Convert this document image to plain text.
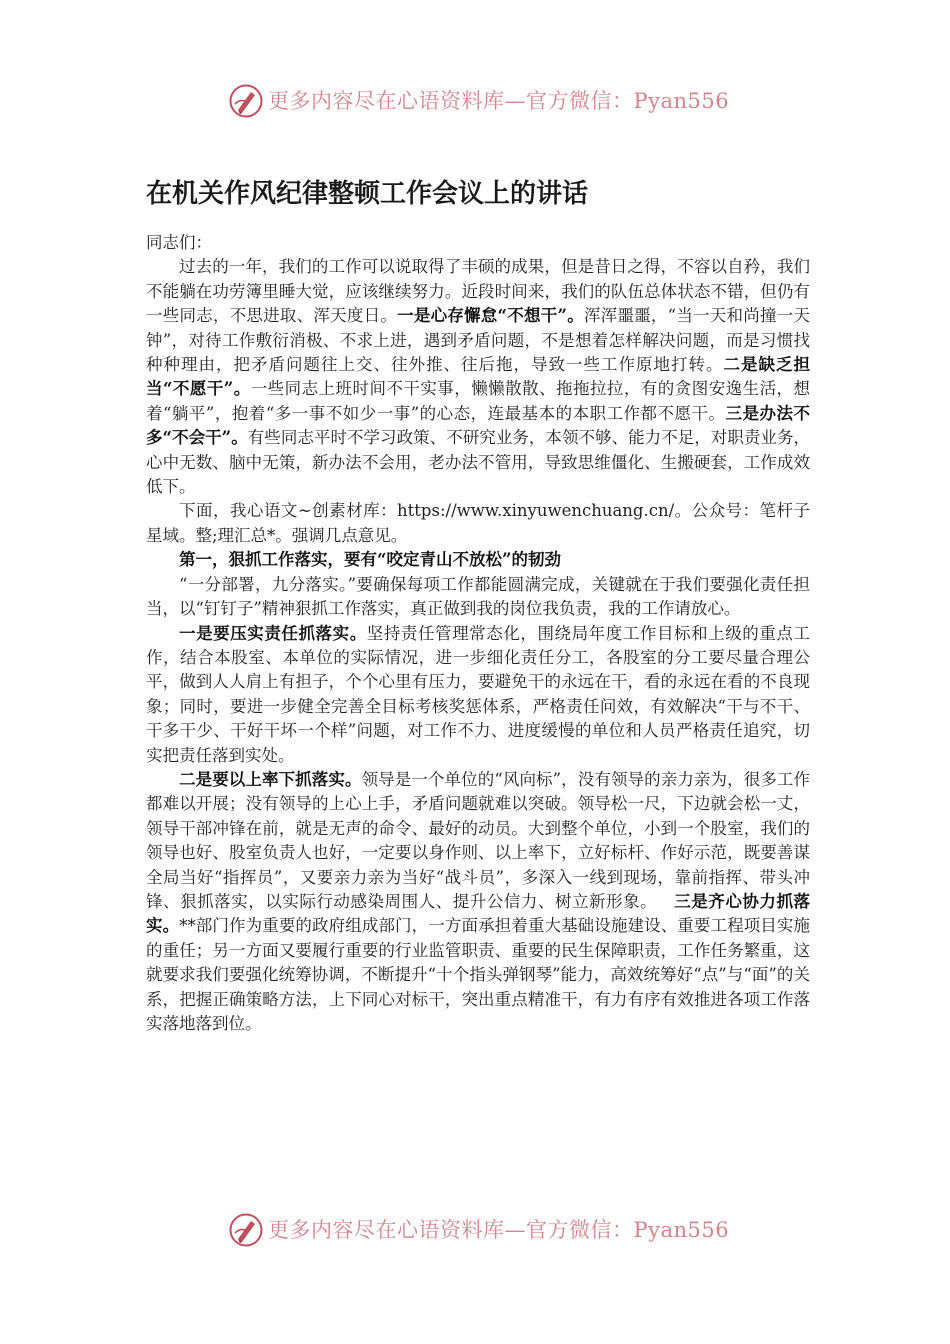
更多内容尽在心语资料库—官方微信：Pyan556
在机关作风纪律整顿工作会议上的讲话

同志们：

过去的一年，我们的工作可以说取得了丰硕的成果，但是昔日之得，不容以自矜，我们不能躺在功劳簿里睡大觉，应该继续努力。近段时间来，我们的队伍总体状态不错，但仍有一些同志，不思进取、浑天度日。一是心存懈怠“不想干”。浑浑噩噩，“当一天和尚撞一天钟”，对待工作敷衍消极、不求上进，遇到矛盾问题，不是想着怎样解决问题，而是习惯找种种理由，把矛盾问题往上交、往外推、往后拖，导致一些工作原地打转。二是缺乏担当“不愿干”。一些同志上班时间不干实事，懒懒散散、拖拖拉拉，有的贪图安逸生活，想着“躺平”，抱着“多一事不如少一事”的心态，连最基本的本职工作都不愿干。三是办法不多“不会干”。有些同志平时不学习政策、不研究业务，本领不够、能力不足，对职责业务，心中无数、脑中无策，新办法不会用，老办法不管用，导致思维僵化、生搬硬套，工作成效低下。

下面，我心语文~创素材库：https://www.xinyuwenchuang.cn/。公众号：笔杆子星域。整;理汇总*。强调几点意见。

第一，狠抓工作落实，要有“咬定青山不放松”的韧劲

“一分部署，九分落实。”要确保每项工作都能圆满完成，关键就在于我们要强化责任担当，以“钉钉子”精神狠抓工作落实，真正做到我的岗位我负责，我的工作请放心。

一是要压实责任抓落实。坚持责任管理常态化，围绕局年度工作目标和上级的重点工作，结合本股室、本单位的实际情况，进一步细化责任分工，各股室的分工要尽量合理公平，做到人人肩上有担子，个个心里有压力，要避免干的永远在干，看的永远在看的不良现象；同时，要进一步健全完善全目标考核奖惩体系，严格责任问效，有效解决“干与不干、干多干少、干好干坏一个样”问题，对工作不力、进度缓慢的单位和人员严格责任追究，切实把责任落到实处。

二是要以上率下抓落实。领导是一个单位的“风向标”，没有领导的亲力亲为，很多工作都难以开展；没有领导的上心上手，矛盾问题就难以突破。领导松一尺，下边就会松一丈，领导干部冲锋在前，就是无声的命令、最好的动员。大到整个单位，小到一个股室，我们的领导也好、股室负责人也好，一定要以身作则、以上率下，立好标杆、作好示范，既要善谋全局当好“指挥员”，又要亲力亲为当好“战斗员”，多深入一线到现场，靠前指挥、带头冲锋、狠抓落实，以实际行动感染周围人、提升公信力、树立新形象。  三是齐心协力抓落实。**部门作为重要的政府组成部门，一方面承担着重大基础设施建设、重要工程项目实施的重任；另一方面又要履行重要的行业监管职责、重要的民生保障职责，工作任务繁重，这就要求我们要强化统筹协调，不断提升“十个指头弹钢琴”能力，高效统筹好“点”与“面”的关系，把握正确策略方法，上下同心对标干，突出重点精准干，有力有序有效推进各项工作落实落地落到位。

更多内容尽在心语资料库—官方微信：Pyan556
